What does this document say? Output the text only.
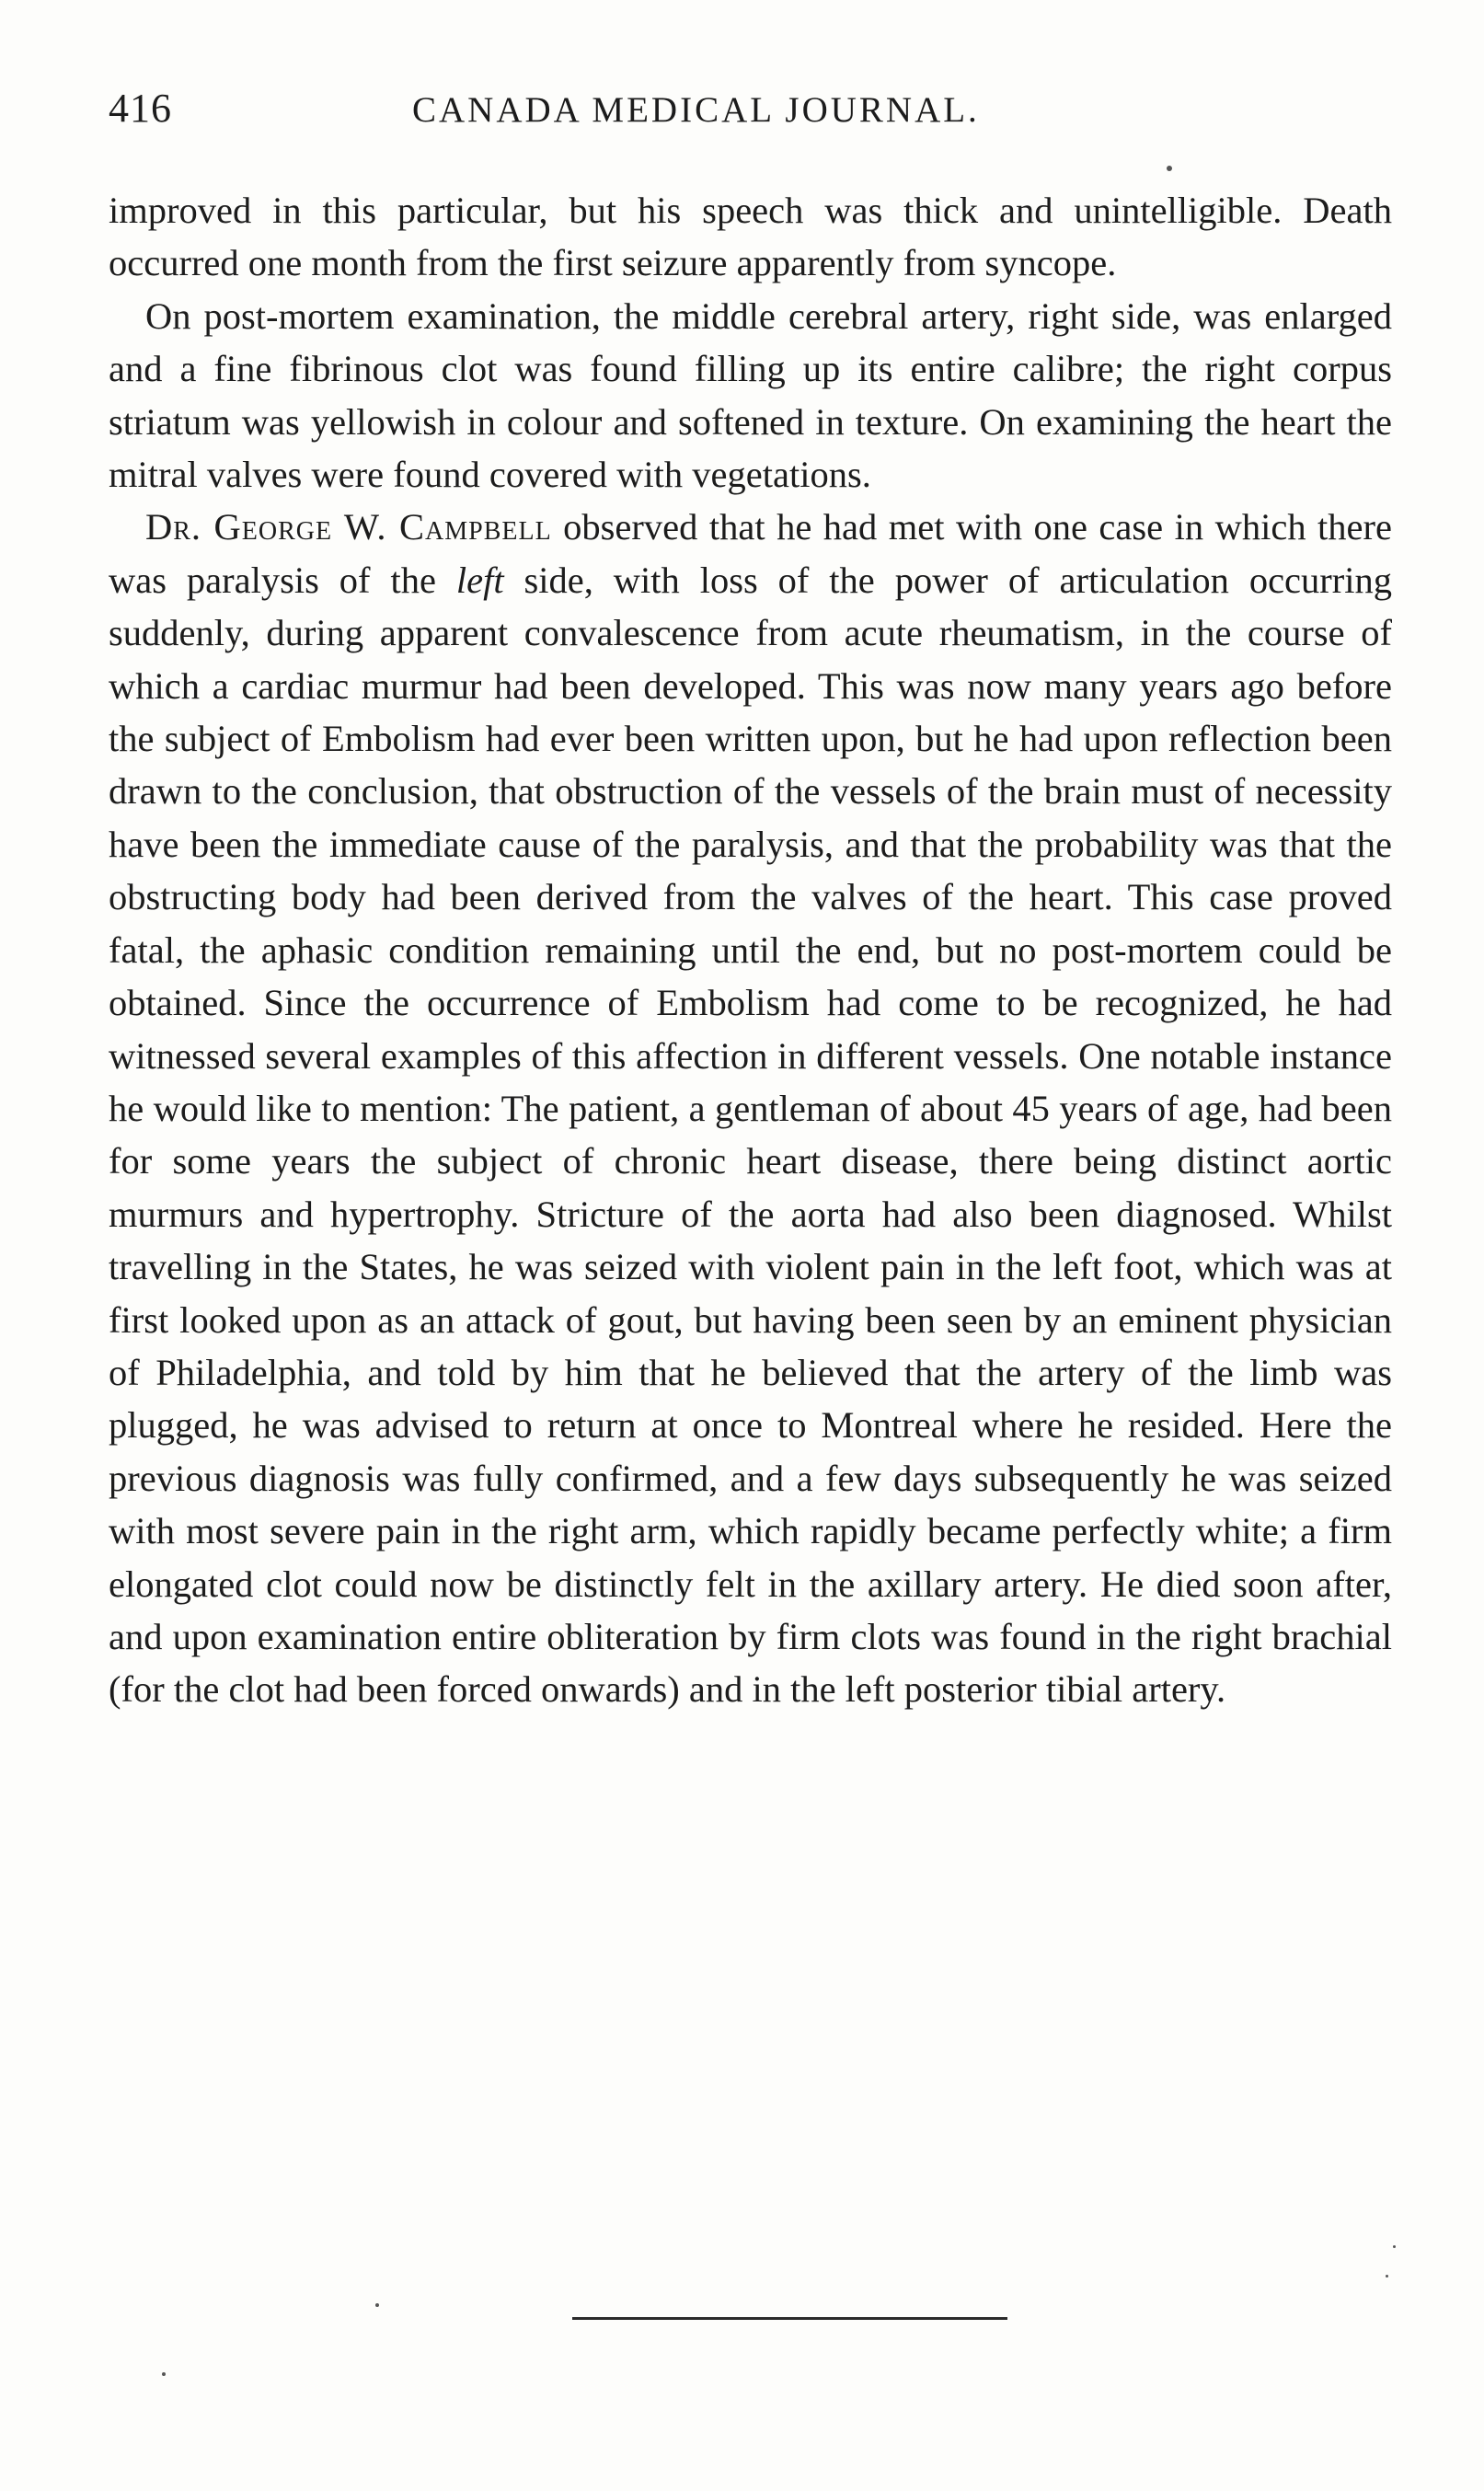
416	CANADA MEDICAL JOURNAL.

improved in this particular, but his speech was thick and unintelligible. Death occurred one month from the first seizure apparently from syncope.

On post-mortem examination, the middle cerebral artery, right side, was enlarged and a fine fibrinous clot was found filling up its entire calibre; the right corpus striatum was yellowish in colour and softened in texture. On examining the heart the mitral valves were found covered with vegetations.

Dr. George W. Campbell observed that he had met with one case in which there was paralysis of the left side, with loss of the power of articulation occurring suddenly, during apparent convalescence from acute rheumatism, in the course of which a cardiac murmur had been developed. This was now many years ago before the subject of Embolism had ever been written upon, but he had upon reflection been drawn to the conclusion, that obstruction of the vessels of the brain must of necessity have been the immediate cause of the paralysis, and that the probability was that the obstructing body had been derived from the valves of the heart. This case proved fatal, the aphasic condition remaining until the end, but no post-mortem could be obtained. Since the occurrence of Embolism had come to be recognized, he had witnessed several examples of this affection in different vessels. One notable instance he would like to mention: The patient, a gentleman of about 45 years of age, had been for some years the subject of chronic heart disease, there being distinct aortic murmurs and hypertrophy. Stricture of the aorta had also been diagnosed. Whilst travelling in the States, he was seized with violent pain in the left foot, which was at first looked upon as an attack of gout, but having been seen by an eminent physician of Philadelphia, and told by him that he believed that the artery of the limb was plugged, he was advised to return at once to Montreal where he resided. Here the previous diagnosis was fully confirmed, and a few days subsequently he was seized with most severe pain in the right arm, which rapidly became perfectly white; a firm elongated clot could now be distinctly felt in the axillary artery. He died soon after, and upon examination entire obliteration by firm clots was found in the right brachial (for the clot had been forced onwards) and in the left posterior tibial artery.
